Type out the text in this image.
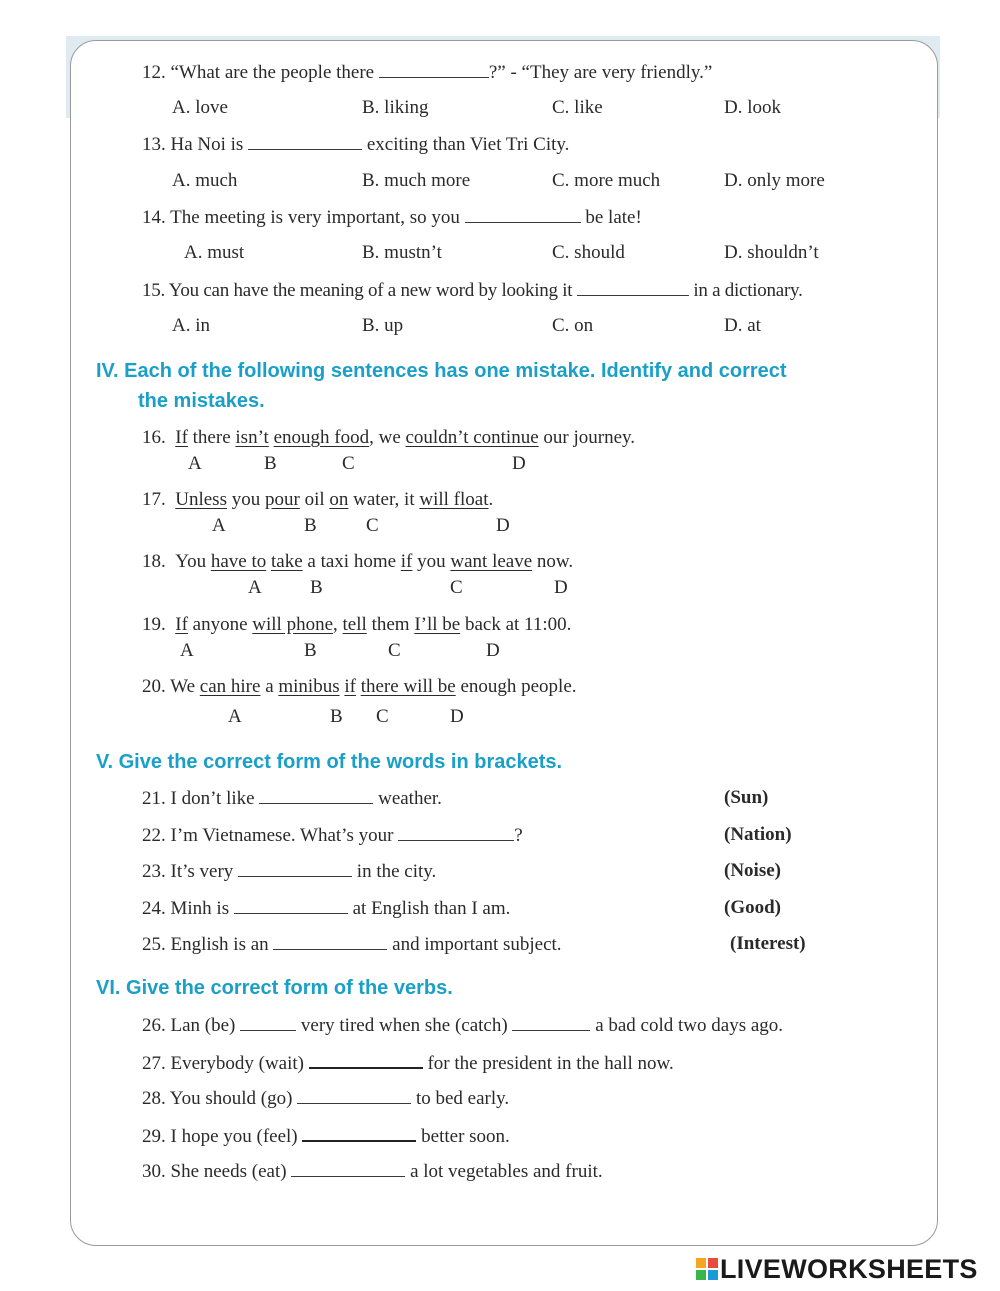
12. “What are the people there	?” - “They are very friendly.”
A. love	B. liking	C. like	D. look
13. Ha Noi is	exciting than Viet Tri City.
A. much	B. much more	C. more much	D. only more
14. The meeting is very important, so you	be late!
A. must	B. mustn’t	C. should	D. shouldn’t
15. You can have the meaning of a new word by looking it	in a dictionary.
A. in	B. up	C. on	D. at
IV. Each of the following sentences has one mistake. Identify and correct
the mistakes.
16. If there isn’t enough food, we couldn’t continue our journey.
A	B	C	D
17. Unless you pour oil on water, it will float.
A	B	C	D
18. You have to take a taxi home if you want leave now.
A	B	C	D
19. If anyone will phone, tell them I’ll be back at 11:00.
A	B	C	D
20. We can hire a minibus if there will be enough people.
A	B C	D
V. Give the correct form of the words in brackets.
21. I don’t like	weather.	(Sun)
22. I’m Vietnamese. What’s your	?	(Nation)
23. It’s very	in the city.	(Noise)
24. Minh is	at English than I am.	(Good)
25. English is an	and important subject.	(Interest)
VI. Give the correct form of the verbs.
26. Lan (be)	very tired when she (catch)	a bad cold two days ago.
27. Everybody (wait)	for the president in the hall now.
28. You should (go)	to bed early.
29. I hope you (feel)	better soon.
30. She needs (eat)	a lot vegetables and fruit.
LIVEWORKSHEETS
